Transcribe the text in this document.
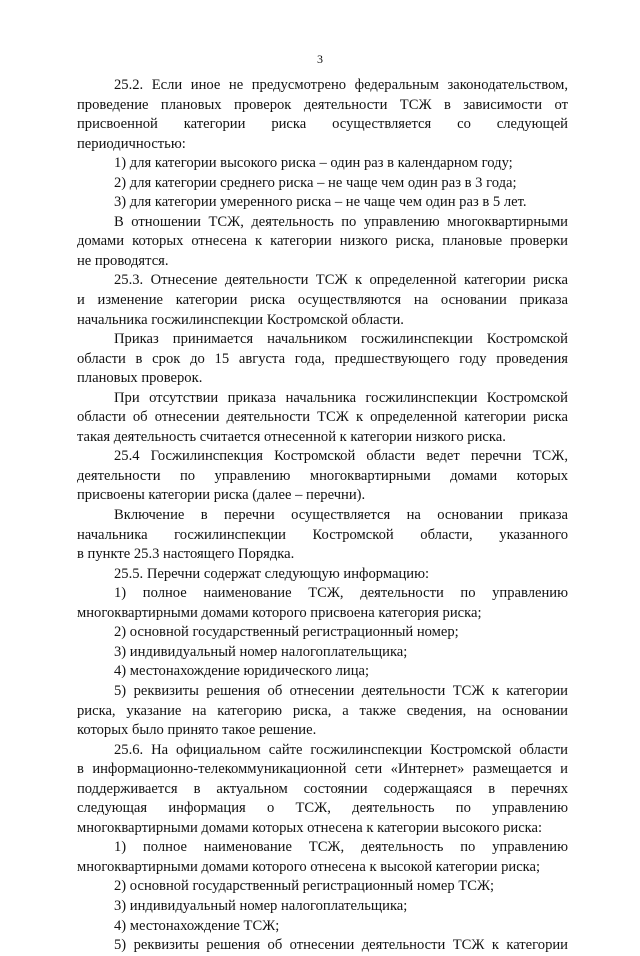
3
25.2. Если иное не предусмотрено федеральным законодательством,
проведение плановых проверок деятельности ТСЖ в зависимости от
присвоенной категории риска осуществляется со следующей
периодичностью:
1) для категории высокого риска – один раз в календарном году;
2) для категории среднего риска – не чаще чем один раз в 3 года;
3) для категории умеренного риска – не чаще чем один раз в 5 лет.
В отношении ТСЖ, деятельность по управлению многоквартирными
домами которых отнесена к категории низкого риска, плановые проверки
не проводятся.
25.3. Отнесение деятельности ТСЖ к определенной категории риска
и изменение категории риска осуществляются на основании приказа
начальника госжилинспекции Костромской области.
Приказ принимается начальником госжилинспекции Костромской
области в срок до 15 августа года, предшествующего году проведения
плановых проверок.
При отсутствии приказа начальника госжилинспекции Костромской
области об отнесении деятельности ТСЖ к определенной категории риска
такая деятельность считается отнесенной к категории низкого риска.
25.4 Госжилинспекция Костромской области ведет перечни ТСЖ,
деятельности по управлению многоквартирными домами которых
присвоены категории риска (далее – перечни).
Включение в перечни осуществляется на основании приказа
начальника госжилинспекции Костромской области, указанного
в пункте 25.3 настоящего Порядка.
25.5. Перечни содержат следующую информацию:
1) полное наименование ТСЖ, деятельности по управлению
многоквартирными домами которого присвоена категория риска;
2) основной государственный регистрационный номер;
3) индивидуальный номер налогоплательщика;
4) местонахождение юридического лица;
5) реквизиты решения об отнесении деятельности ТСЖ к категории
риска, указание на категорию риска, а также сведения, на основании
которых было принято такое решение.
25.6. На официальном сайте госжилинспекции Костромской области
в информационно-телекоммуникационной сети «Интернет» размещается и
поддерживается в актуальном состоянии содержащаяся в перечнях
следующая информация о ТСЖ, деятельность по управлению
многоквартирными домами которых отнесена к категории высокого риска:
1) полное наименование ТСЖ, деятельность по управлению
многоквартирными домами которого отнесена к высокой категории риска;
2) основной государственный регистрационный номер ТСЖ;
3) индивидуальный номер налогоплательщика;
4) местонахождение ТСЖ;
5) реквизиты решения об отнесении деятельности ТСЖ к категории
